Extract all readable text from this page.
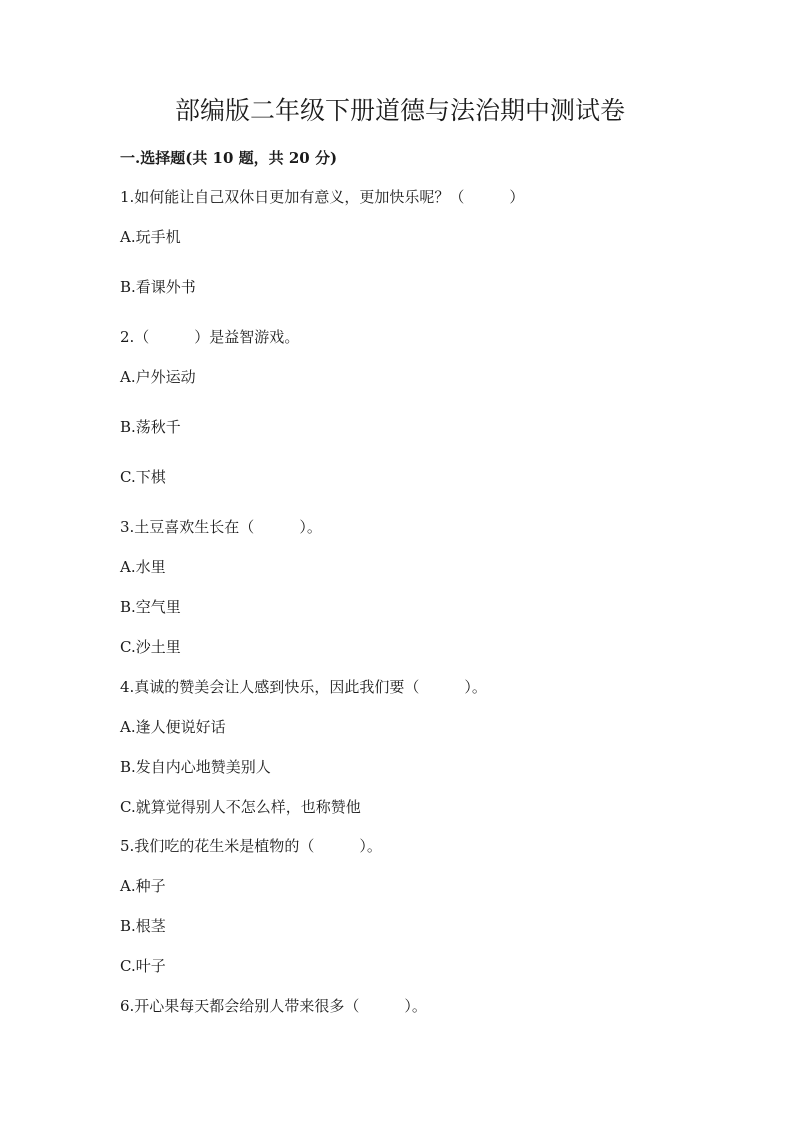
部编版二年级下册道德与法治期中测试卷
一.选择题(共 10 题，共 20 分)
1.如何能让自己双休日更加有意义，更加快乐呢？（　　　）
A.玩手机
B.看课外书
2.（　　　）是益智游戏。
A.户外运动
B.荡秋千
C.下棋
3.土豆喜欢生长在（　　　）。
A.水里
B.空气里
C.沙土里
4.真诚的赞美会让人感到快乐，因此我们要（　　　）。
A.逢人便说好话
B.发自内心地赞美别人
C.就算觉得别人不怎么样，也称赞他
5.我们吃的花生米是植物的（　　　）。
A.种子
B.根茎
C.叶子
6.开心果每天都会给别人带来很多（　　　）。
